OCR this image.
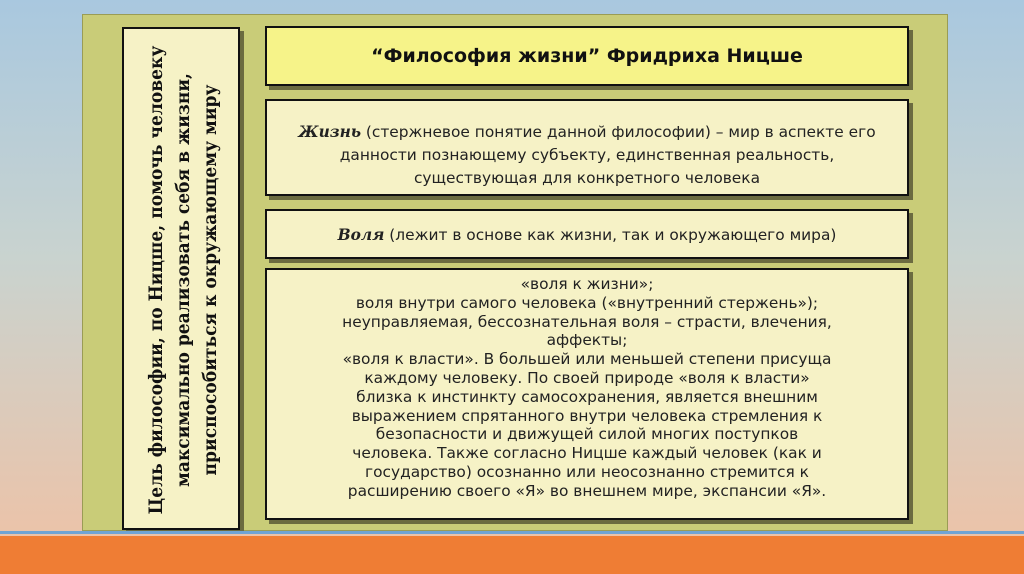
Цель философии, по Ницше, помочь человеку максимально реализовать себя в жизни, приспособиться к окружающему миру
“Философия жизни” Фридриха Ницше
Жизнь (стержневое понятие данной философии) – мир в аспекте его данности познающему субъекту, единственная реальность, существующая для конкретного человека
Воля (лежит в основе как жизни, так и окружающего мира)
«воля к жизни»;
воля внутри самого человека («внутренний стержень»);
неуправляемая, бессознательная воля – страсти, влечения,
аффекты;
«воля к власти». В большей или меньшей степени присуща
каждому человеку. По своей природе «воля к власти»
близка к инстинкту самосохранения, является внешним
выражением спрятанного внутри человека стремления к
безопасности и движущей силой многих поступков
человека. Также согласно Ницше каждый человек (как и
государство) осознанно или неосознанно стремится к
расширению своего «Я» во внешнем мире, экспансии «Я».
